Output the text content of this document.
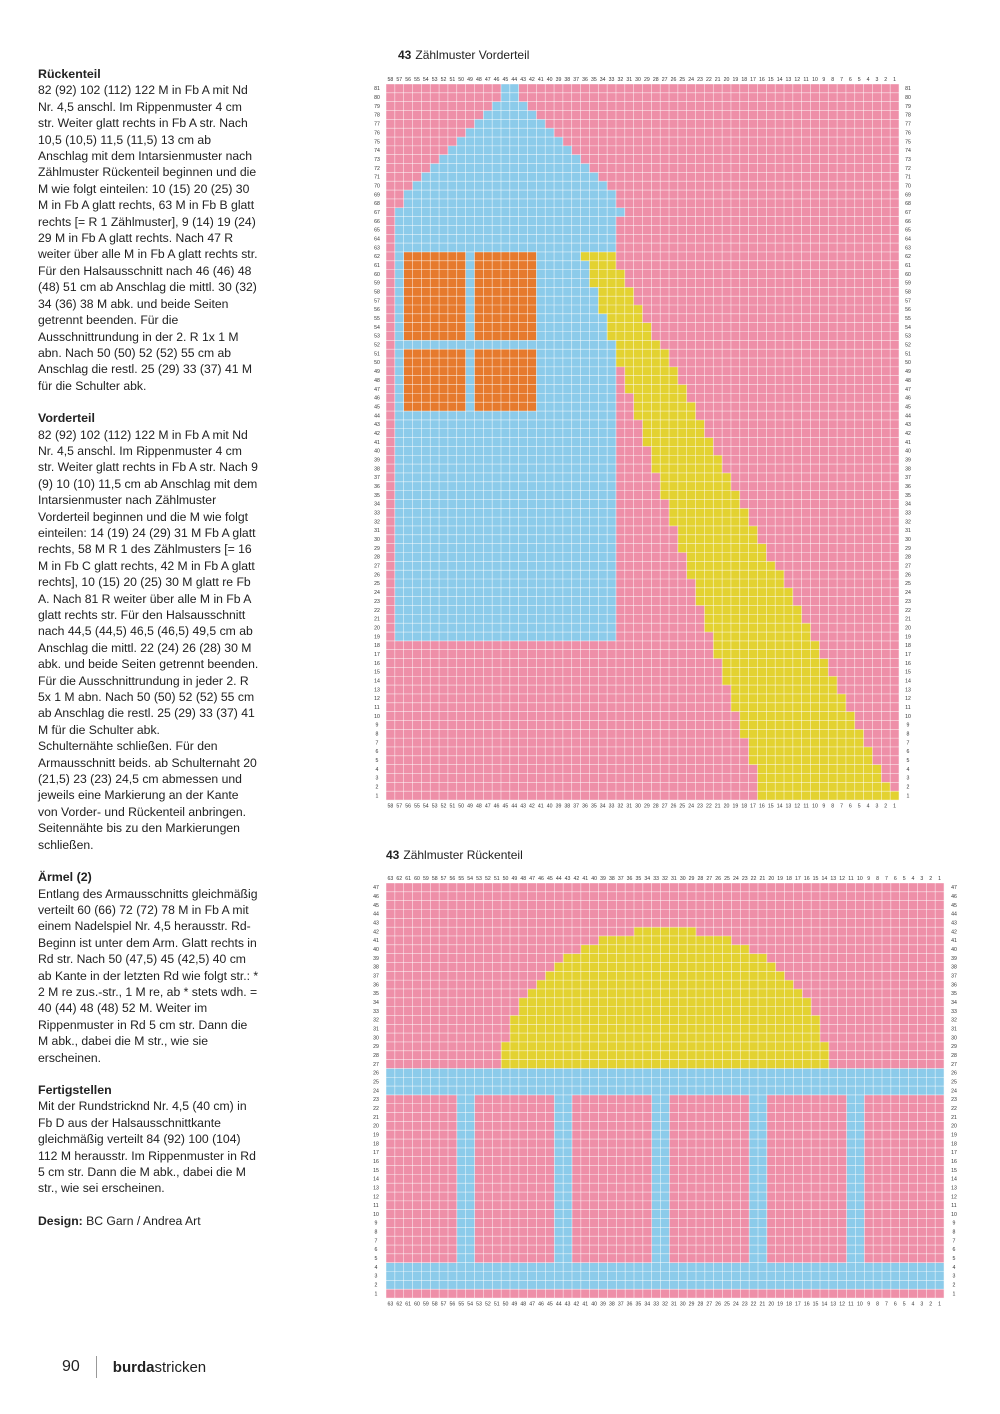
Rückenteil

82 (92) 102 (112) 122 M in Fb A mit Nd Nr. 4,5 anschl. Im Rippenmuster 4 cm str. Weiter glatt rechts in Fb A str. Nach 10,5 (10,5) 11,5 (11,5) 13 cm ab Anschlag mit dem Intarsienmuster nach Zählmuster Rückenteil beginnen und die M wie folgt einteilen: 10 (15) 20 (25) 30 M in Fb A glatt rechts, 63 M in Fb B glatt rechts [= R 1 Zählmuster], 9 (14) 19 (24) 29 M in Fb A glatt rechts. Nach 47 R weiter über alle M in Fb A glatt rechts str. Für den Halsausschnitt nach 46 (46) 48 (48) 51 cm ab Anschlag die mittl. 30 (32) 34 (36) 38 M abk. und beide Seiten getrennt beenden. Für die Ausschnittrundung in der 2. R 1x 1 M abn. Nach 50 (50) 52 (52) 55 cm ab Anschlag die restl. 25 (29) 33 (37) 41 M für die Schulter abk.

Vorderteil

82 (92) 102 (112) 122 M in Fb A mit Nd Nr. 4,5 anschl. Im Rippenmuster 4 cm str. Weiter glatt rechts in Fb A str. Nach 9 (9) 10 (10) 11,5 cm ab Anschlag mit dem Intarsienmuster nach Zählmuster Vorderteil beginnen und die M wie folgt einteilen: 14 (19) 24 (29) 31 M Fb A glatt rechts, 58 M R 1 des Zählmusters [= 16 M in Fb C glatt rechts, 42 M in Fb A glatt rechts], 10 (15) 20 (25) 30 M glatt re Fb A. Nach 81 R weiter über alle M in Fb A glatt rechts str. Für den Halsausschnitt nach 44,5 (44,5) 46,5 (46,5) 49,5 cm ab Anschlag die mittl. 22 (24) 26 (28) 30 M abk. und beide Seiten getrennt beenden. Für die Ausschnittrundung in jeder 2. R 5x 1 M abn. Nach 50 (50) 52 (52) 55 cm ab Anschlag die restl. 25 (29) 33 (37) 41 M für die Schulter abk.

Schulternähte schließen. Für den Armausschnitt beids. ab Schulternaht 20 (21,5) 23 (23) 24,5 cm abmessen und jeweils eine Markierung an der Kante von Vorder- und Rückenteil anbringen. Seitennähte bis zu den Markierungen schließen.

Ärmel (2)

Entlang des Armausschnitts gleichmäßig verteilt 60 (66) 72 (72) 78 M in Fb A mit einem Nadelspiel Nr. 4,5 herausstr. Rd-Beginn ist unter dem Arm. Glatt rechts in Rd str. Nach 50 (47,5) 45 (42,5) 40 cm ab Kante in der letzten Rd wie folgt str.: * 2 M re zus.-str., 1 M re, ab * stets wdh. = 40 (44) 48 (48) 52 M. Weiter im Rippenmuster in Rd 5 cm str. Dann die M abk., dabei die M str., wie sie erscheinen.

Fertigstellen

Mit der Rundstricknd Nr. 4,5 (40 cm) in Fb D aus der Halsausschnittkante gleichmäßig verteilt 84 (92) 100 (104) 112 M herausstr. Im Rippenmuster in Rd 5 cm str. Dann die M abk., dabei die M str., wie sei erscheinen.

Design: BC Garn / Andrea Art
43 Zählmuster Vorderteil
1
1
2
2
3
3
4
4
5
5
6
6
7
7
8
8
9
9
10
10
11
11
12
12
13
13
14
14
15
15
16
16
17
17
18
18
19
19
20
20
21
21
22
22
23
23
24
24
25
25
26
26
27
27
28
28
29
29
30
30
31
31
32
32
33
33
34
34
35
35
36
36
37
37
38
38
39
39
40
40
41
41
42
42
43
43
44
44
45
45
46
46
47
47
48
48
49
49
50
50
51
51
52
52
53
53
54
54
55
55
56
56
57
57
58
58
1	1
2	2
3	3
4	4
5	5
6	6
7	7
8	8
9	9
10	10
11	11
12	12
13	13
14	14
15	15
16	16
17	17
18	18
19	19
20	20
21	21
22	22
23	23
24	24
25	25
26	26
27	27
28	28
29	29
30	30
31	31
32	32
33	33
34	34
35	35
36	36
37	37
38	38
39	39
40	40
41	41
42	42
43	43
44	44
45	45
46	46
47	47
48	48
49	49
50	50
51	51
52	52
53	53
54	54
55	55
56	56
57	57
58	58
59	59
60	60
61	61
62	62
63	63
64	64
65	65
66	66
67	67
68	68
69	69
70	70
71	71
72	72
73	73
74	74
75	75
76	76
77	77
78	78
79	79
80	80
81	81
43 Zählmuster Rückenteil
1
1
2
2
3
3
4
4
5
5
6
6
7
7
8
8
9
9
10
10
11
11
12
12
13
13
14
14
15
15
16
16
17
17
18
18
19
19
20
20
21
21
22
22
23
23
24
24
25
25
26
26
27
27
28
28
29
29
30
30
31
31
32
32
33
33
34
34
35
35
36
36
37
37
38
38
39
39
40
40
41
41
42
42
43
43
44
44
45
45
46
46
47
47
48
48
49
49
50
50
51
51
52
52
53
53
54
54
55
55
56
56
57
57
58
58
59
59
60
60
61
61
62
62
63
63
1	1
2	2
3	3
4	4
5	5
6	6
7	7
8	8
9	9
10	10
11	11
12	12
13	13
14	14
15	15
16	16
17	17
18	18
19	19
20	20
21	21
22	22
23	23
24	24
25	25
26	26
27	27
28	28
29	29
30	30
31	31
32	32
33	33
34	34
35	35
36	36
37	37
38	38
39	39
40	40
41	41
42	42
43	43
44	44
45	45
46	46
47	47
90 burda stricken
